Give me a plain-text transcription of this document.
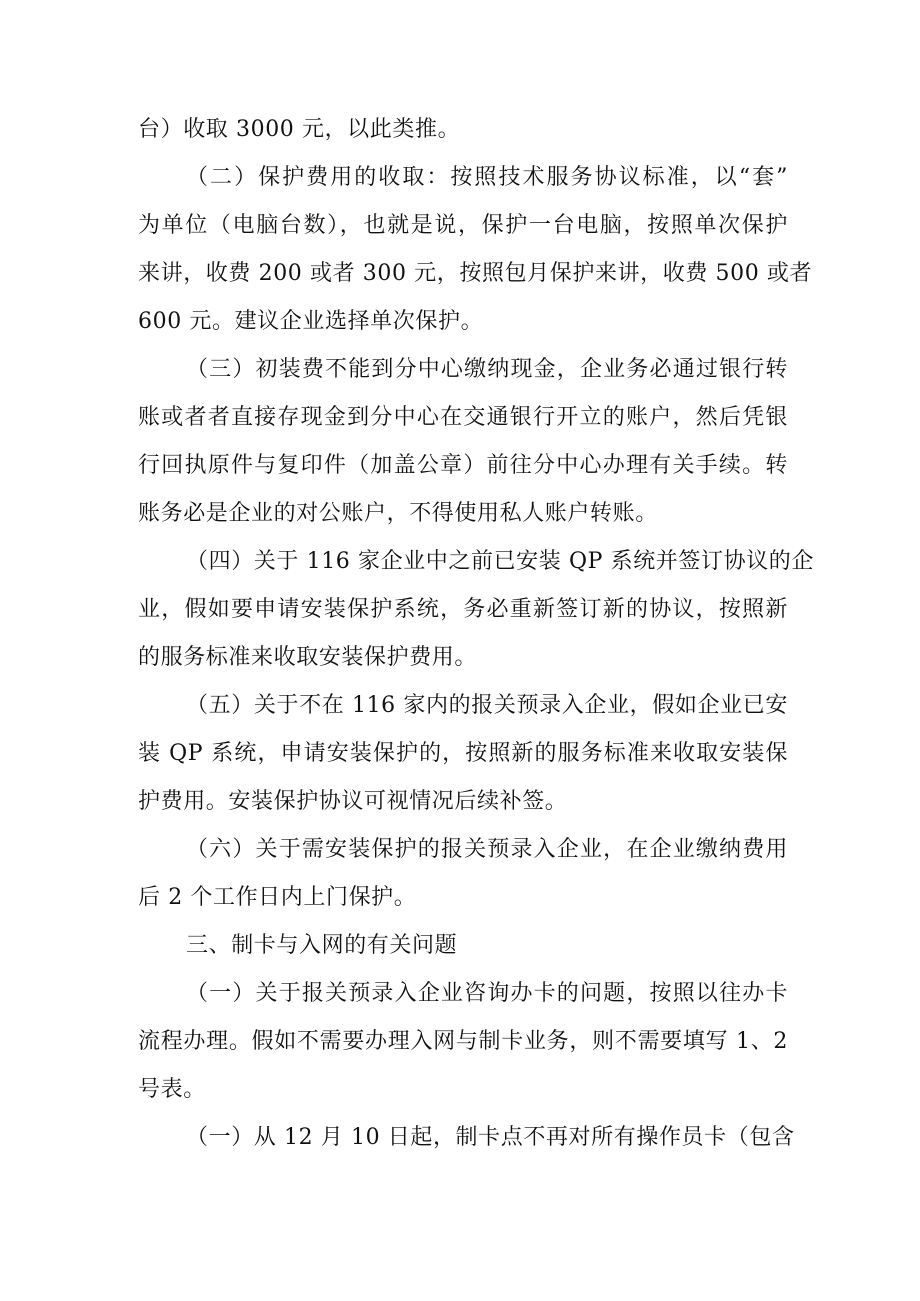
台）收取 3000 元，以此类推。
（二）保护费用的收取：按照技术服务协议标准，以“套”
为单位（电脑台数），也就是说，保护一台电脑，按照单次保护
来讲，收费 200 或者 300 元，按照包月保护来讲，收费 500 或者
600 元。建议企业选择单次保护。
（三）初装费不能到分中心缴纳现金，企业务必通过银行转
账或者者直接存现金到分中心在交通银行开立的账户，然后凭银
行回执原件与复印件（加盖公章）前往分中心办理有关手续。转
账务必是企业的对公账户，不得使用私人账户转账。
（四）关于 116 家企业中之前已安装 QP 系统并签订协议的企
业，假如要申请安装保护系统，务必重新签订新的协议，按照新
的服务标准来收取安装保护费用。
（五）关于不在 116 家内的报关预录入企业，假如企业已安
装 QP 系统，申请安装保护的，按照新的服务标准来收取安装保
护费用。安装保护协议可视情况后续补签。
（六）关于需安装保护的报关预录入企业，在企业缴纳费用
后 2 个工作日内上门保护。
三、制卡与入网的有关问题
（一）关于报关预录入企业咨询办卡的问题，按照以往办卡
流程办理。假如不需要办理入网与制卡业务，则不需要填写 1、2
号表。
（一）从 12 月 10 日起，制卡点不再对所有操作员卡（包含
